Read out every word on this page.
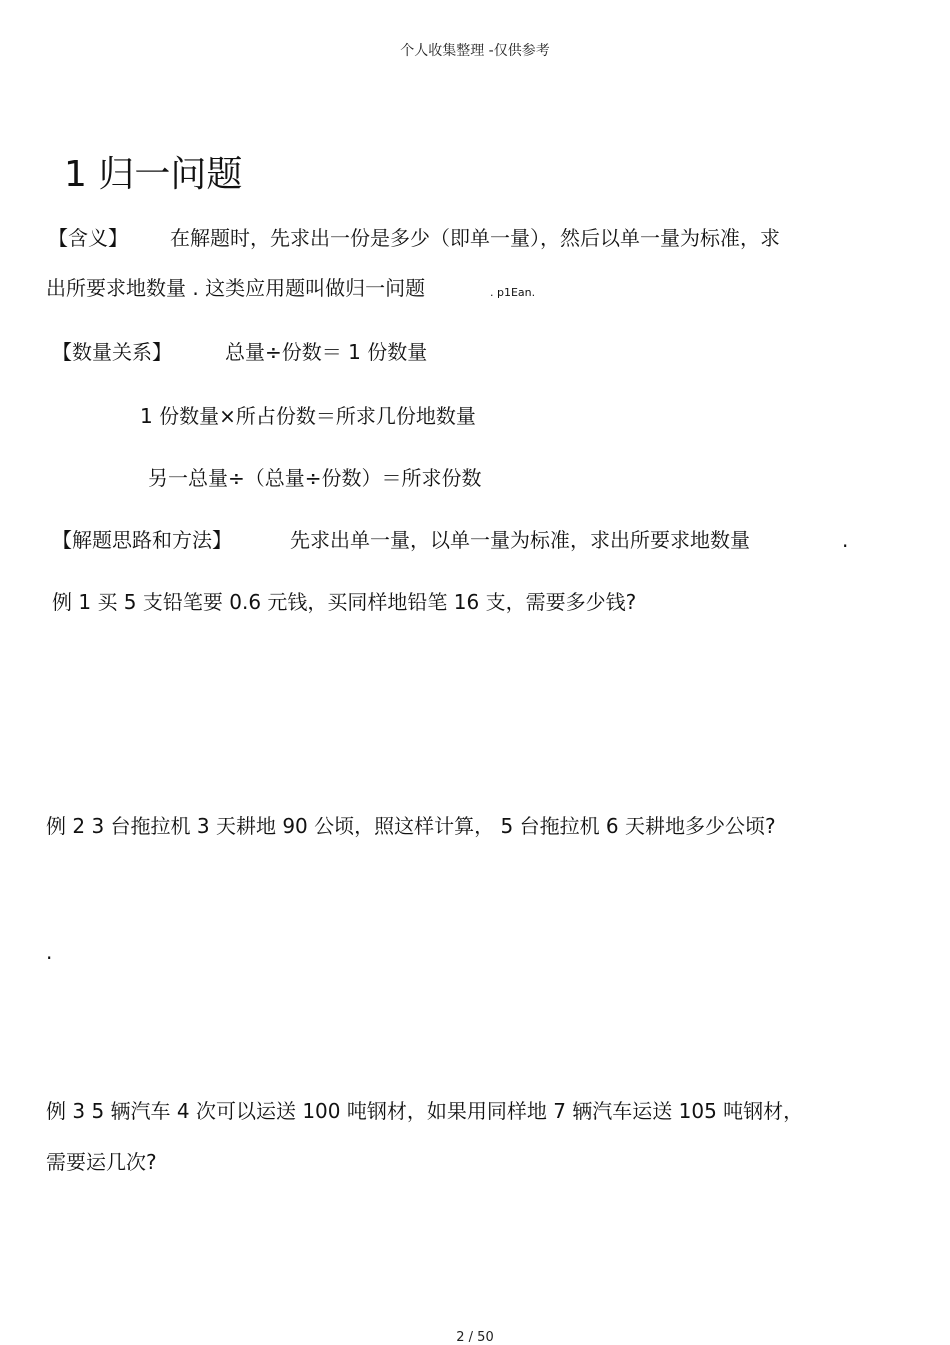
个人收集整理 -仅供参考
1 归一问题
【含义】 在解题时，先求出一份是多少（即单一量），然后以单一量为标准，求
出所要求地数量 . 这类应用题叫做归一问题	. p1Ean.
【数量关系】	总量÷份数＝ 1 份数量
1 份数量×所占份数＝所求几份地数量
另一总量÷（总量÷份数）＝所求份数
【解题思路和方法】	先求出单一量，以单一量为标准，求出所要求地数量	.
例 1 买 5 支铅笔要 0.6 元钱，买同样地铅笔 16 支，需要多少钱?
例 2 3 台拖拉机 3 天耕地 90 公顷，照这样计算， 5 台拖拉机 6 天耕地多少公顷?
.
例 3 5 辆汽车 4 次可以运送 100 吨钢材，如果用同样地 7 辆汽车运送 105 吨钢材，
需要运几次?
2 / 50
